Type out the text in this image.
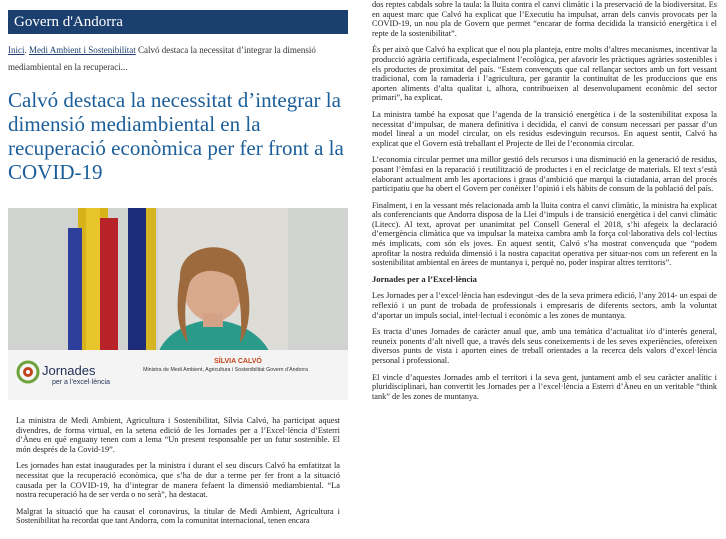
Govern d'Andorra
Inici. Medi Ambient i Sostenibilitat Calvó destaca la necessitat d’integrar la dimensió mediambiental en la recuperaci...
Calvó destaca la necessitat d’integrar la dimensió mediambiental en la recuperació econòmica per fer front a la COVID-19
Jornades
per a l’excel·lència
SÍLVIA CALVÓ
Ministra de Medi Ambient, Agricultura i Sostenibilitat Govern d’Andorra

La ministra de Medi Ambient, Agricultura i Sostenibilitat, Sílvia Calvó, ha participat aquest divendres, de forma virtual, en la setena edició de les Jornades per a l’Excel·lència d’Esterri d’Àneu en què enguany tenen com a lema “Un present responsable per un futur sostenible. El món després de la Covid-19”.

Les jornades han estat inaugurades per la ministra i durant el seu discurs Calvó ha emfatitzat la necessitat que la recuperació econòmica, que s’ha de dur a terme per fer front a la situació causada per la COVID-19, ha d’integrar de manera fefaent la dimensió mediambiental. “La nostra recuperació ha de ser verda o no serà”, ha destacat.

Malgrat la situació que ha causat el coronavirus, la titular de Medi Ambient, Agricultura i Sostenibilitat ha recordat que tant Andorra, com la comunitat internacional, tenen encara

dos reptes cabdals sobre la taula: la lluita contra el canvi climàtic i la preservació de la biodiversitat. Es en aquest marc que Calvó ha explicat que l’Executiu ha impulsat, arran dels canvis provocats per la COVID-19, un nou pla de Govern que permet “encarar de forma decidida la transició energètica i el repte de la sostenibilitat”.

És per això que Calvó ha explicat que el nou pla planteja, entre molts d’altres mecanismes, incentivar la producció agrària certificada, especialment l’ecològica, per afavorir les pràctiques agràries sostenibles i els productes de proximitat del país. “Estem convençuts que cal rellançar sectors amb un fort vessant tradicional, com la ramaderia i l’agricultura, per garantir la continuïtat de les produccions que ens aporten aliments d’alta qualitat i, alhora, contribueixen al desenvolupament econòmic del sector primari”, ha explicat.

La ministra també ha exposat que l’agenda de la transició energètica i de la sostenibilitat exposa la necessitat d’impulsar, de manera definitiva i decidida, el canvi de consum necessari per passar d’un model lineal a un model circular, on els residus esdevinguin recursos. En aquest sentit, Calvó ha explicat que el Govern està treballant el Projecte de llei de l’economia circular.

L’economia circular permet una millor gestió dels recursos i una disminució en la generació de residus, posant l’èmfasi en la reparació i reutilització de productes i en el reciclatge de materials. El text s’està elaborant actualment amb les aportacions i graus d’ambició que marqui la ciutadania, arran del procés participatiu que ha obert el Govern per conèixer l’opinió i els hàbits de consum de la població del país.

Finalment, i en la vessant més relacionada amb la lluita contra el canvi climàtic, la ministra ha explicat als conferenciants que Andorra disposa de la Llei d’impuls i de transició energètica i del canvi climàtic (Litecc). Al text, aprovat per unanimitat pel Consell General el 2018, s’hi afegeix la declaració d’emergència climàtica que va impulsar la mateixa cambra amb la força col·laborativa dels col·lectius més implicats, com són els joves. En aquest sentit, Calvó s’ha mostrat convençuda que “podem aprofitar la nostra reduïda dimensió i la nostra capacitat operativa per situar-nos com un referent en la sostenibilitat ambiental en àrees de muntanya i, perquè no, poder inspirar altres territoris”.

Jornades per a l’Excel·lència

Les Jornades per a l’excel·lència han esdevingut -des de la seva primera edició, l’any 2014- un espai de reflexió i un punt de trobada de professionals i empresaris de diferents sectors, amb la voluntat d’aportar un impuls social, intel·lectual i econòmic a les zones de muntanya.

Es tracta d’unes Jornades de caràcter anual que, amb una temàtica d’actualitat i/o d’interès general, reuneix ponents d’alt nivell que, a través dels seus coneixements i de les seves experiències, ofereixen diversos punts de vista i aporten eines de treball orientades a la recerca dels valors d’excel·lència personal i professional.

El vincle d’aquestes Jornades amb el territori i la seva gent, juntament amb el seu caràcter analític i pluridisciplinari, han convertit les Jornades per a l’excel·lència a Esterri d’Àneu en un veritable “think tank” de les zones de muntanya.
